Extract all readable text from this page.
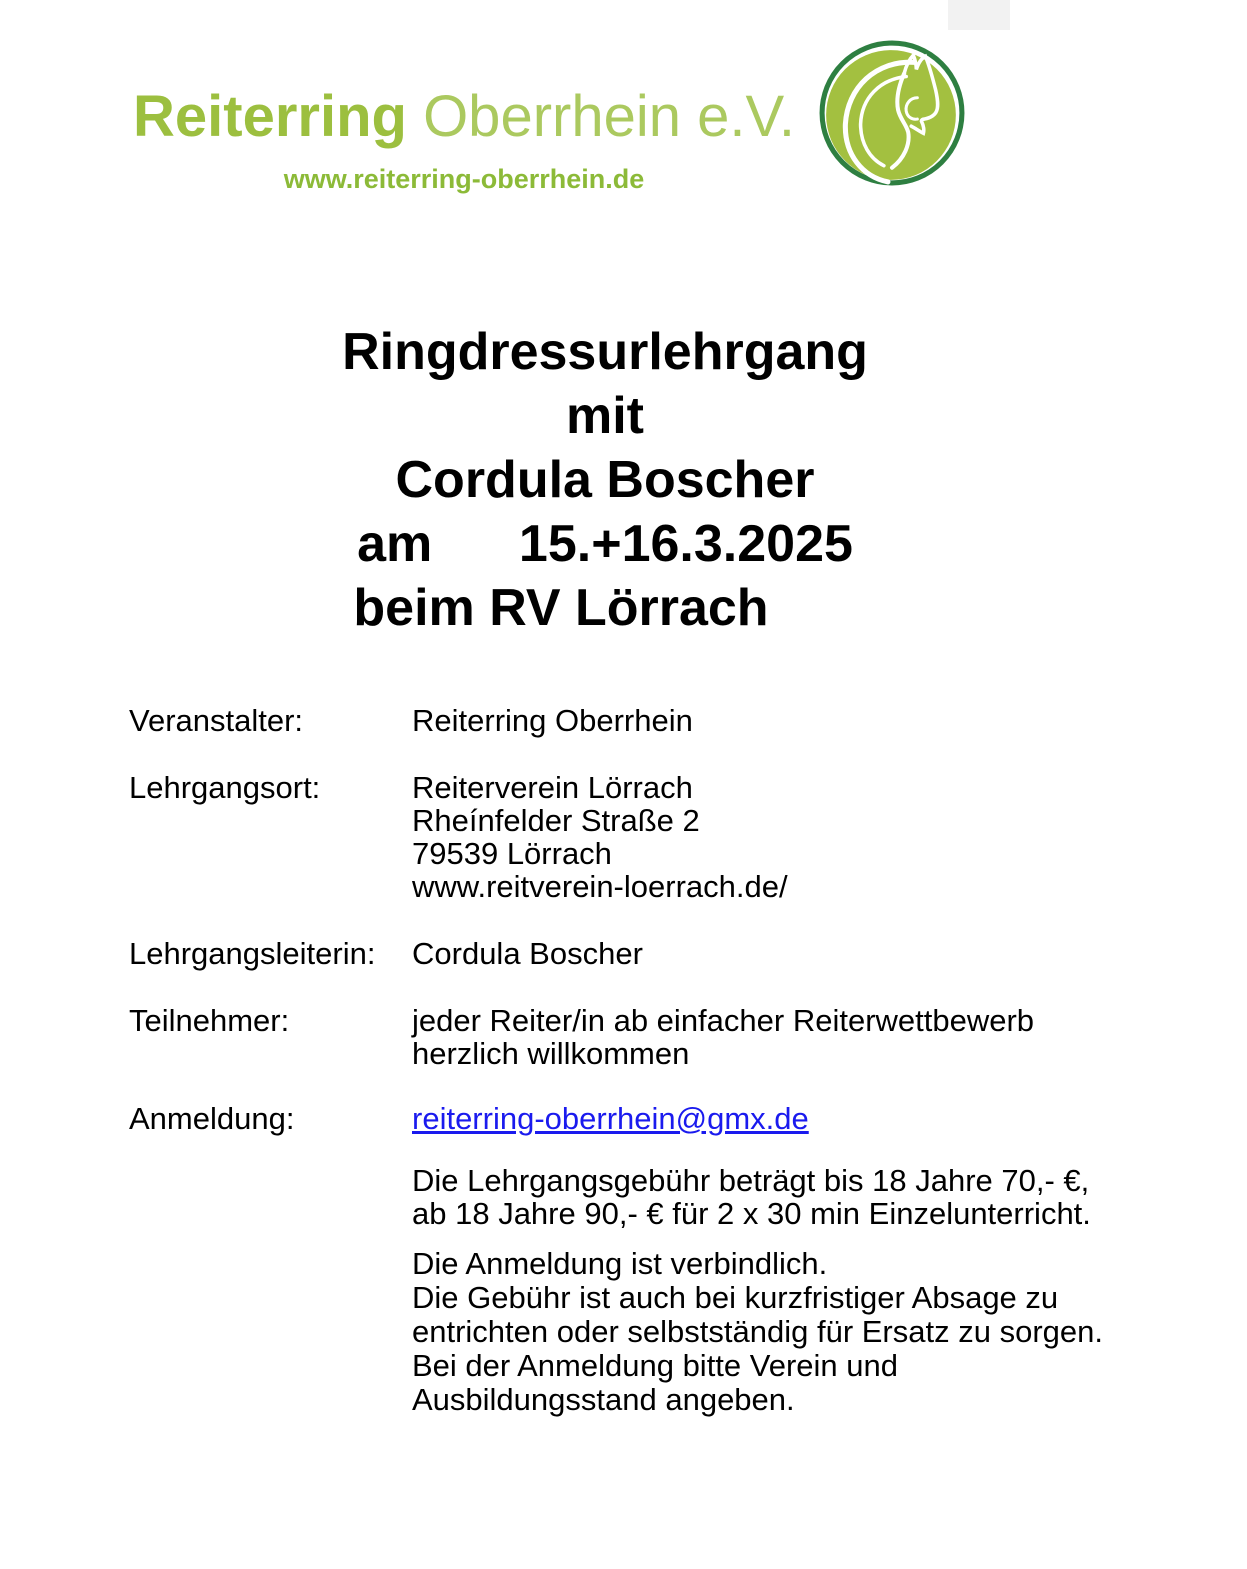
Reiterring Oberrhein e.V.
www.reiterring-oberrhein.de
Ringdressurlehrgang
mit
Cordula Boscher
am      15.+16.3.2025
beim RV Lörrach
Veranstalter:	Reiterring Oberrhein
Lehrgangsort:	Reiterverein Lörrach
Rheínfelder Straße 2
79539 Lörrach
www.reitverein-loerrach.de/
Lehrgangsleiterin: Cordula Boscher
Teilnehmer:	jeder Reiter/in ab einfacher Reiterwettbewerb
herzlich willkommen
Anmeldung:	reiterring-oberrhein@gmx.de
Die Lehrgangsgebühr beträgt bis 18 Jahre 70,- €,
ab 18 Jahre 90,- € für 2 x 30 min Einzelunterricht.
Die Anmeldung ist verbindlich.
Die Gebühr ist auch bei kurzfristiger Absage zu
entrichten oder selbstständig für Ersatz zu sorgen.
Bei der Anmeldung bitte Verein und
Ausbildungsstand angeben.
